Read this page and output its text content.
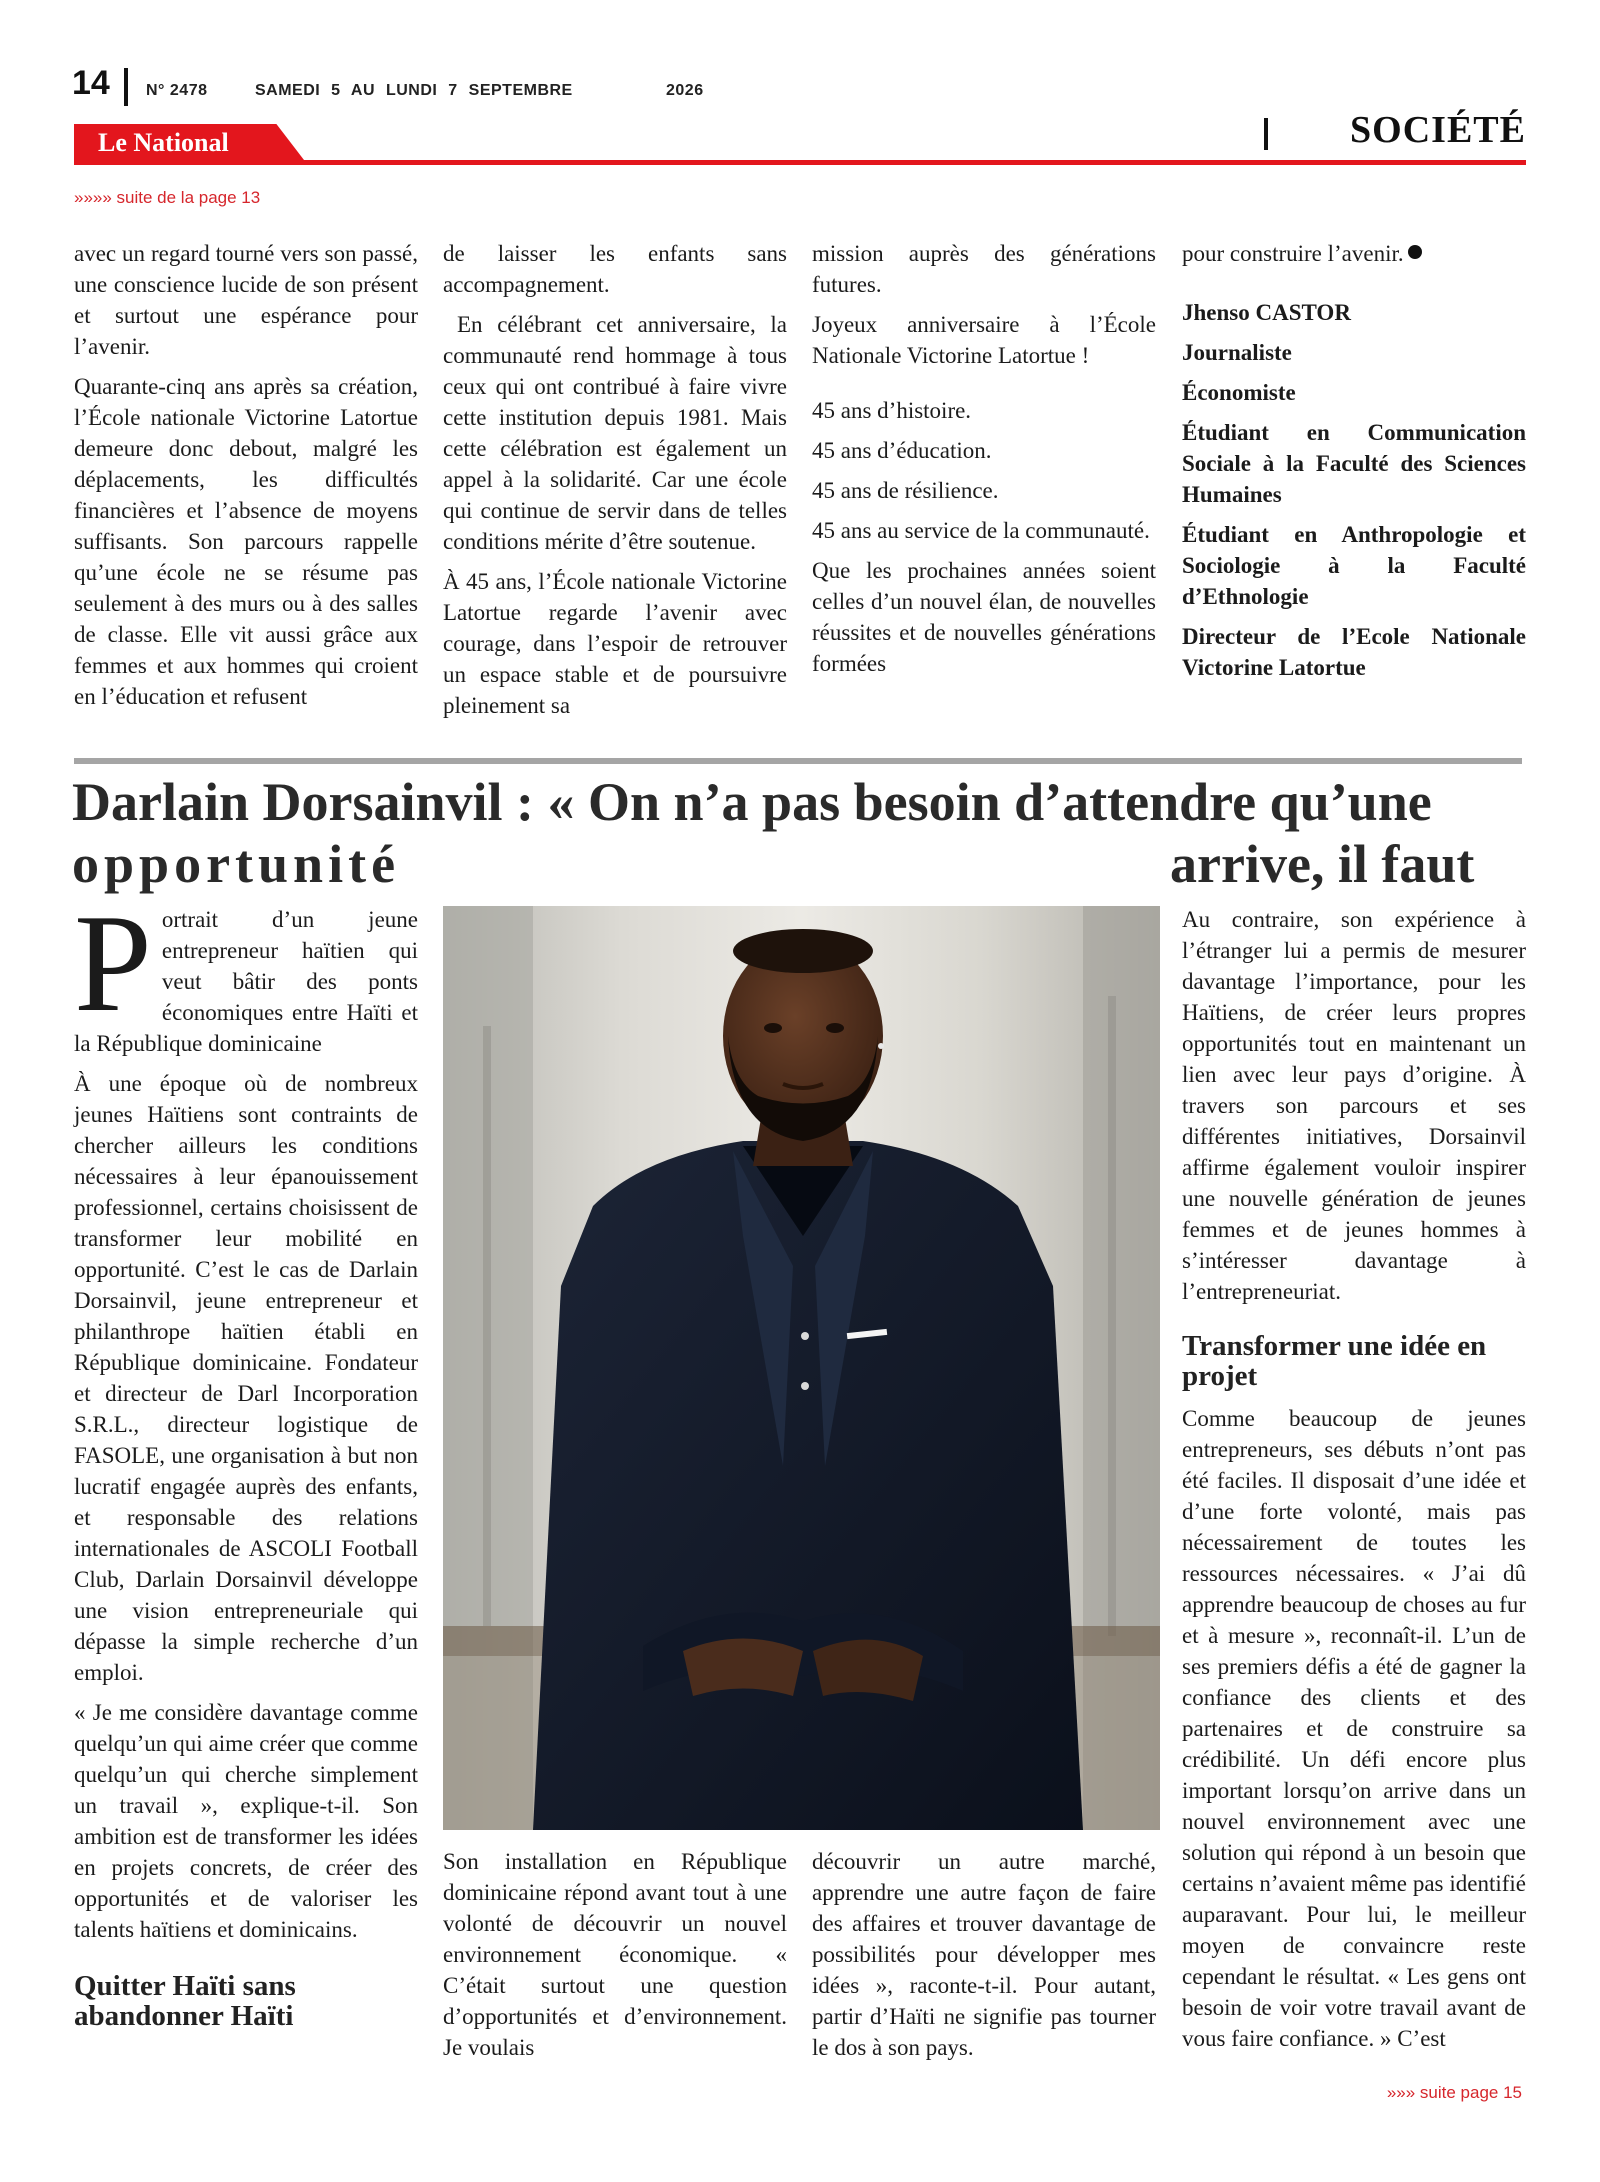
14 N° 2478	SAMEDI 5 AU LUNDI 7 SEPTEMBRE	2026
Le National	SOCIÉTÉ
»»»» suite de la page 13

avec un regard tourné vers son passé, une conscience lucide de son présent et surtout une espérance pour l’avenir.

Quarante-cinq ans après sa création, l’École nationale Victorine Latortue demeure donc debout, malgré les déplacements, les difficultés financières et l’absence de moyens suffisants. Son parcours rappelle qu’une école ne se résume pas seulement à des murs ou à des salles de classe. Elle vit aussi grâce aux femmes et aux hommes qui croient en l’éducation et refusent

de laisser les enfants sans accompagnement.

En célébrant cet anniversaire, la communauté rend hommage à tous ceux qui ont contribué à faire vivre cette institution depuis 1981. Mais cette célébration est également un appel à la solidarité. Car une école qui continue de servir dans de telles conditions mérite d’être soutenue.

À 45 ans, l’École nationale Victorine Latortue regarde l’avenir avec courage, dans l’espoir de retrouver un espace stable et de poursuivre pleinement sa

mission auprès des générations futures.

Joyeux anniversaire à l’École Nationale Victorine Latortue !

45 ans d’histoire.

45 ans d’éducation.

45 ans de résilience.

45 ans au service de la communauté.

Que les prochaines années soient celles d’un nouvel élan, de nouvelles réussites et de nouvelles générations formées

pour construire l’avenir.

Jhenso CASTOR

Journaliste

Économiste

Étudiant en Communication Sociale à la Faculté des Sciences Humaines

Étudiant en Anthropologie et Sociologie à la Faculté d’Ethnologie

Directeur de l’Ecole Nationale Victorine Latortue

Darlain Dorsainvil : « On n’a pas besoin d’attendre qu’une
opportunité	arrive, il faut

Portrait d’un jeune entrepreneur haïtien qui veut bâtir des ponts économiques entre Haïti et la République dominicaine

À une époque où de nombreux jeunes Haïtiens sont contraints de chercher ailleurs les conditions nécessaires à leur épanouissement professionnel, certains choisissent de transformer leur mobilité en opportunité. C’est le cas de Darlain Dorsainvil, jeune entrepreneur et philanthrope haïtien établi en République dominicaine. Fondateur et directeur de Darl Incorporation S.R.L., directeur logistique de FASOLE, une organisation à but non lucratif engagée auprès des enfants, et responsable des relations internationales de ASCOLI Football Club, Darlain Dorsainvil développe une vision entrepreneuriale qui dépasse la simple recherche d’un emploi.

« Je me considère davantage comme quelqu’un qui aime créer que comme quelqu’un qui cherche simplement un travail », explique-t-il. Son ambition est de transformer les idées en projets concrets, de créer des opportunités et de valoriser les talents haïtiens et dominicains.

Quitter Haïti sans abandonner Haïti

Son installation en République dominicaine répond avant tout à une volonté de découvrir un nouvel environnement économique. « C’était surtout une question d’opportunités et d’environnement. Je voulais

découvrir un autre marché, apprendre une autre façon de faire des affaires et trouver davantage de possibilités pour développer mes idées », raconte-t-il. Pour autant, partir d’Haïti ne signifie pas tourner le dos à son pays.

Au contraire, son expérience à l’étranger lui a permis de mesurer davantage l’importance, pour les Haïtiens, de créer leurs propres opportunités tout en maintenant un lien avec leur pays d’origine. À travers son parcours et ses différentes initiatives, Dorsainvil affirme également vouloir inspirer une nouvelle génération de jeunes femmes et de jeunes hommes à s’intéresser davantage à l’entrepreneuriat.

Transformer une idée en projet

Comme beaucoup de jeunes entrepreneurs, ses débuts n’ont pas été faciles. Il disposait d’une idée et d’une forte volonté, mais pas nécessairement de toutes les ressources nécessaires. « J’ai dû apprendre beaucoup de choses au fur et à mesure », reconnaît-il. L’un de ses premiers défis a été de gagner la confiance des clients et des partenaires et de construire sa crédibilité. Un défi encore plus important lorsqu’on arrive dans un nouvel environnement avec une solution qui répond à un besoin que certains n’avaient même pas identifié auparavant. Pour lui, le meilleur moyen de convaincre reste cependant le résultat. « Les gens ont besoin de voir votre travail avant de vous faire confiance. » C’est

»»» suite page 15
